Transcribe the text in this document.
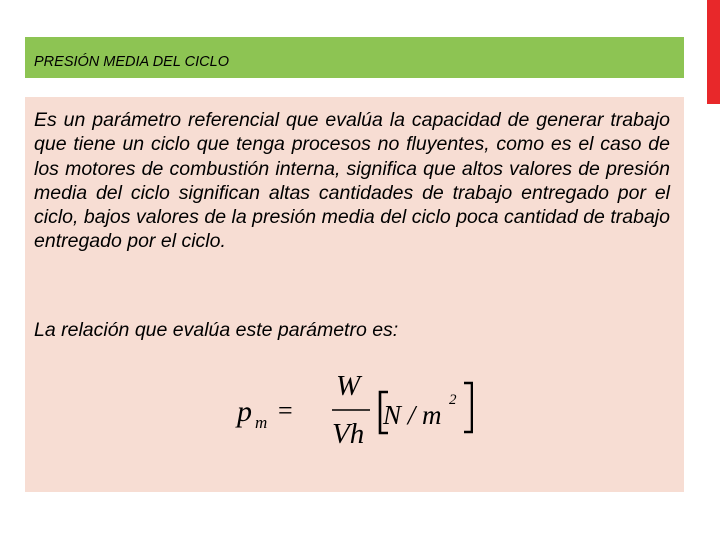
PRESIÓN MEDIA DEL CICLO

Es un parámetro referencial que evalúa la capacidad de generar trabajo que tiene un ciclo que tenga procesos no fluyentes, como es el caso de los motores de combustión interna, significa que altos valores de presión media del ciclo significan altas cantidades de trabajo entregado por el ciclo, bajos valores de la presión media del ciclo poca cantidad de trabajo entregado por el ciclo.

La relación que evalúa este parámetro es:

p m =
W
Vh
N / m 2
